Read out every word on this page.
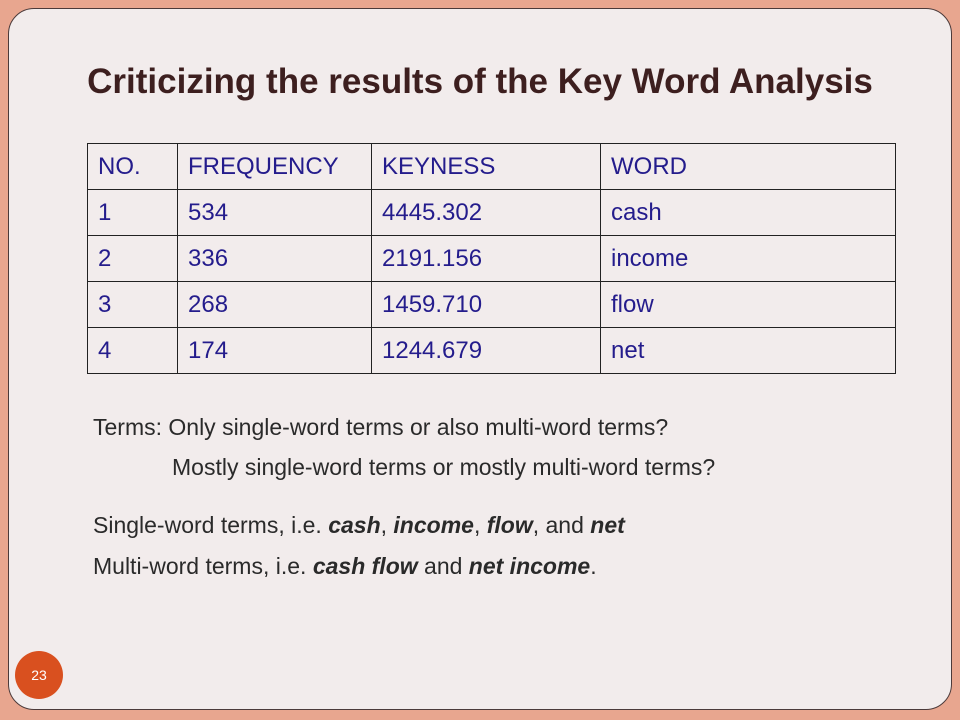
Criticizing the results of the Key Word Analysis
NO.	FREQUENCY	KEYNESS	WORD
1	534	4445.302	cash
2	336	2191.156	income
3	268	1459.710	flow
4	174	1244.679	net
Terms: Only single-word terms or also multi-word terms?
Mostly single-word terms or mostly multi-word terms?
Single-word terms, i.e. cash, income, flow, and net
Multi-word terms, i.e. cash flow and net income.
23
